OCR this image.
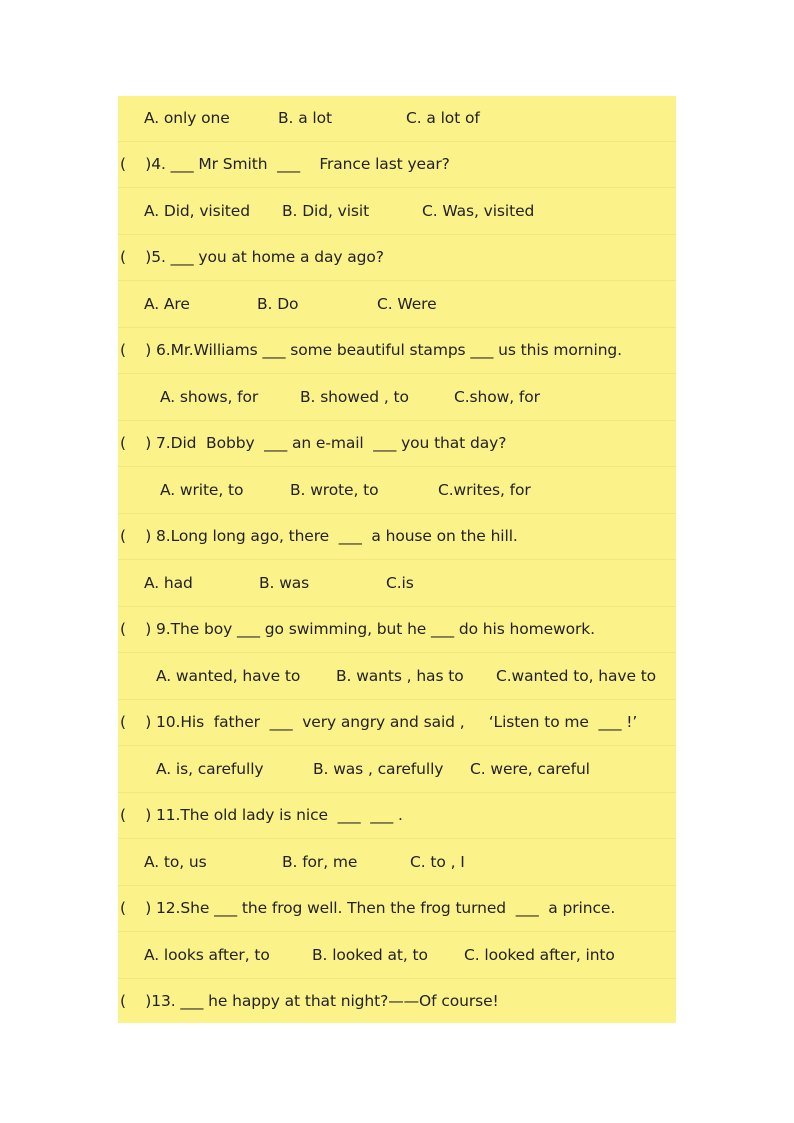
A. only one	B. a lot	C. a lot of
(    )4. ___ Mr Smith  ___    France last year?
A. Did, visited B. Did, visit	C. Was, visited
(    )5. ___ you at home a day ago?
A. Are	B. Do	C. Were
(    ) 6.Mr.Williams ___ some beautiful stamps ___ us this morning.
A. shows, for	B. showed , to	C.show, for
(    ) 7.Did  Bobby  ___ an e-mail  ___ you that day?
A. write, to	B. wrote, to	C.writes, for
(    ) 8.Long long ago, there  ___  a house on the hill.
A. had	B. was	C.is
(    ) 9.The boy ___ go swimming, but he ___ do his homework.
A. wanted, have to B. wants , has to C.wanted to, have to
(    ) 10.His  father  ___  very angry and said ,     ‘Listen to me  ___ !’
A. is, carefully	B. was , carefully C. were, careful
(    ) 11.The old lady is nice  ___  ___ .
A. to, us	B. for, me	C. to , I
(    ) 12.She ___ the frog well. Then the frog turned  ___  a prince.
A. looks after, to	B. looked at, to C. looked after, into
(    )13. ___ he happy at that night?——Of course!
